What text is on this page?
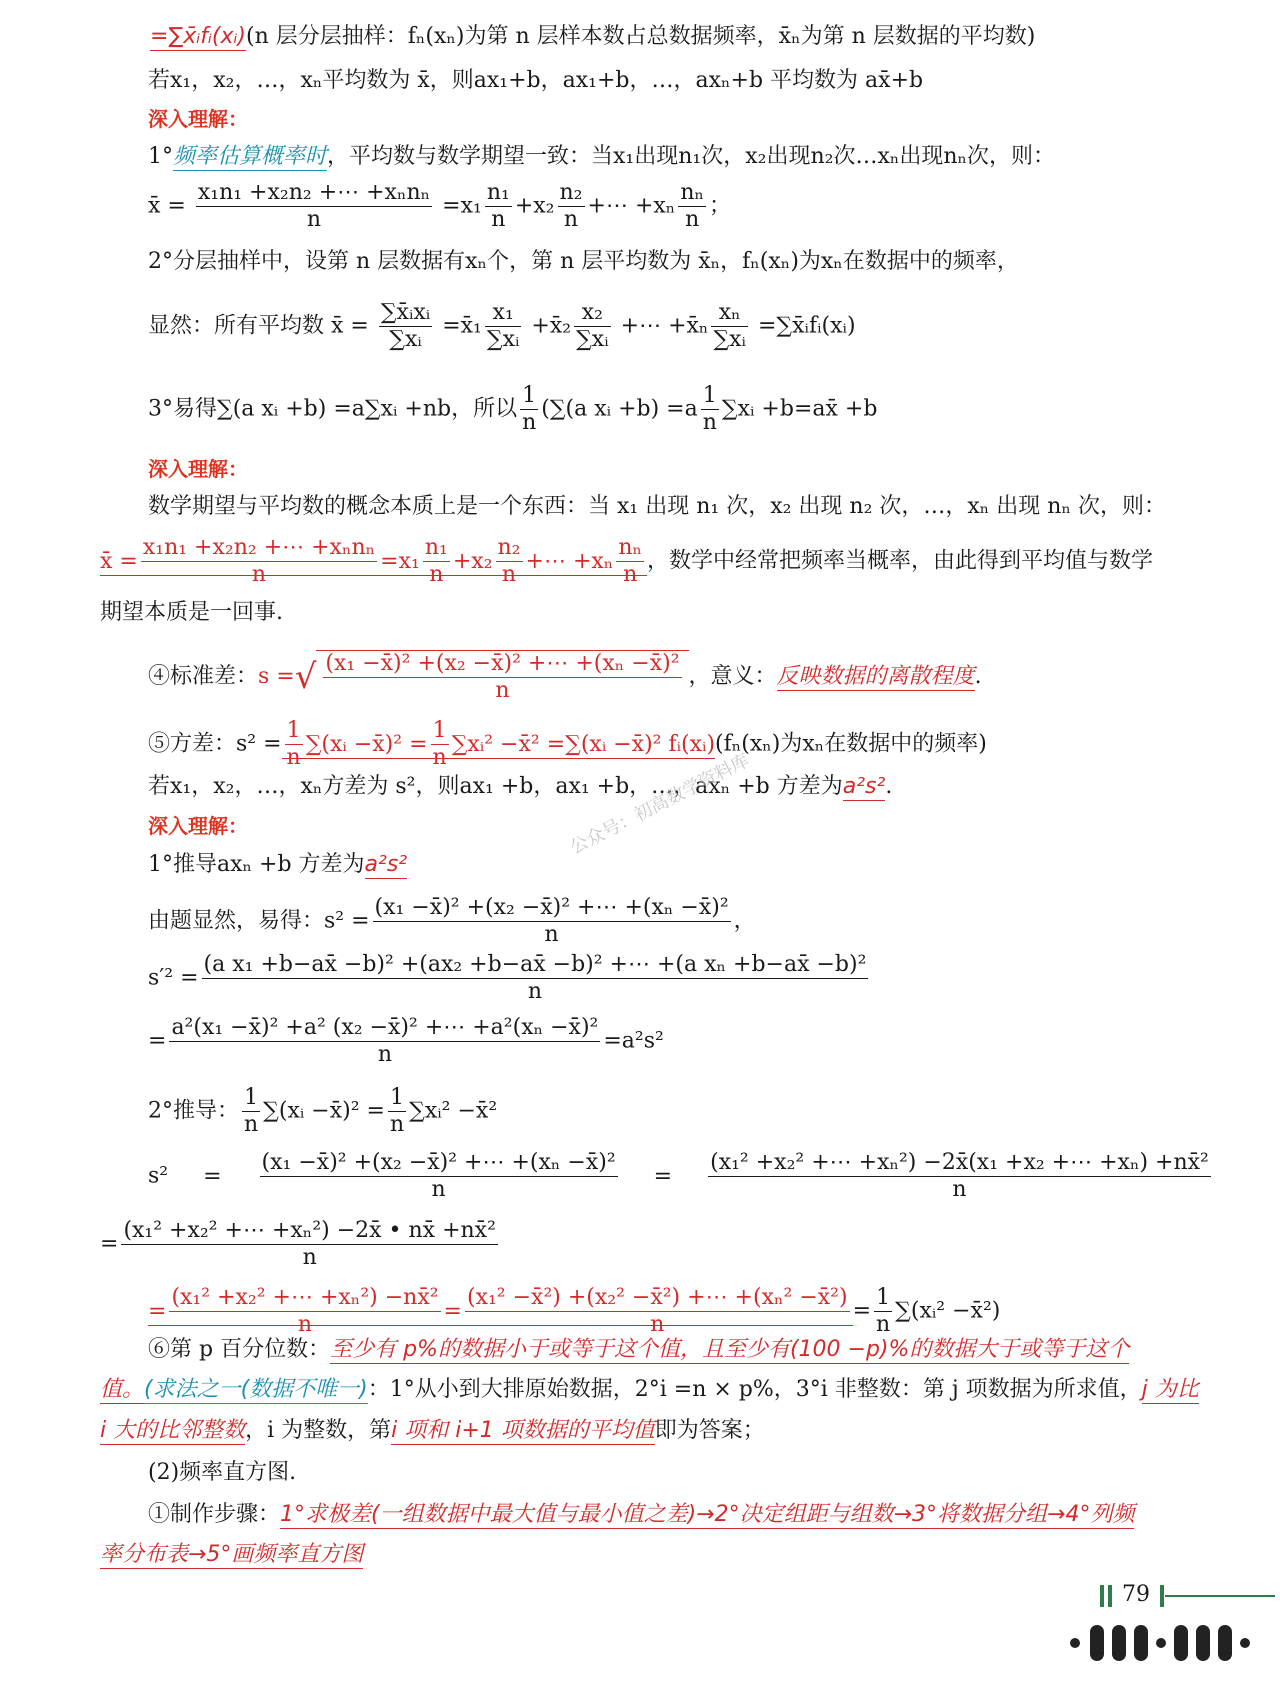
=∑x̄ᵢfᵢ(xᵢ)(n 层分层抽样：fₙ(xₙ)为第 n 层样本数占总数据频率，x̄ₙ为第 n 层数据的平均数)
若x₁，x₂，…，xₙ平均数为 x̄，则ax₁+b，ax₁+b，…，axₙ+b 平均数为 ax̄+b
深入理解：
1°频率估算概率时，平均数与数学期望一致：当x₁出现n₁次，x₂出现n₂次…xₙ出现nₙ次，则：
x̄ = $\frac{\text{x₁n₁ +x₂n₂ +⋯ +xₙnₙ}}{n} =x_1 \frac{\text{n₁}}{n} +x_2 \frac{\text{n₂}}{n}$ +⋯ $+x_n \frac{\text{nₙ}}{n}$ ；
2°分层抽样中，设第 n 层数据有xₙ个，第 n 层平均数为 x̄ₙ，fₙ(xₙ)为xₙ在数据中的频率，
显然：所有平均数 x̄ = $\frac{\text{∑x̄ᵢxᵢ}}{\text{∑xᵢ}}$ =x̄₁ $\frac{\text{x₁}}{\text{∑xᵢ}}$ +x̄₂ $\frac{\text{x₂}}{\text{∑xᵢ}}$ +⋯ +x̄ₙ $\frac{\text{xₙ}}{\text{∑xᵢ}}$ =∑x̄ᵢfᵢ(xᵢ)
3°易得∑(a xᵢ +b) =a∑xᵢ +nb，所以 $\frac{1}{n} (\sum(a$ xᵢ $+b) =a \frac{1}{n}$ ∑xᵢ +b=ax̄ +b
深入理解：
数学期望与平均数的概念本质上是一个东西：当 x₁ 出现 n₁ 次，x₂ 出现 n₂ 次，…，xₙ 出现 nₙ 次，则：
x̄ = $\frac{\text{x₁n₁ +x₂n₂ +⋯ +xₙnₙ}}{n} =x_1 \frac{\text{n₁}}{n} +x_2 \frac{\text{n₂}}{n}$ +⋯ $+x_n \frac{\text{nₙ}}{n}$ ，数学中经常把频率当概率，由此得到平均值与数学
期望本质是一回事.
④标准差：s =√ $\frac{\text{(x₁ −x̄)² +(x₂ −x̄)² +⋯ +(xₙ −x̄)²}}{n}$ ，意义：反映数据的离散程度.
⑤方差：$s^2 = \frac{1}{n}$ ∑(xᵢ −x̄)² = $\frac{1}{n}$ ∑xᵢ² −x̄² =∑(xᵢ −x̄)² fᵢ(xᵢ)(fₙ(xₙ)为xₙ在数据中的频率)
若x₁，x₂，…，xₙ方差为 s²，则ax₁ +b，ax₁ +b，…，axₙ +b 方差为a²s².
深入理解：	公众号：初高数学资料库
1°推导axₙ +b 方差为a²s²
由题显然，易得：$s^2 = \frac{\text{(x₁ −x̄)² +(x₂ −x̄)² +⋯ +(xₙ −x̄)²}}{n}$ ，
$s'^2 = \frac{\text{(a x₁ +b−ax̄ −b)² +(ax₂ +b−ax̄ −b)² +⋯ +(a xₙ +b−ax̄ −b)²}}{n}$
= $\frac{\text{a²(x₁ −x̄)² +a² (x₂ −x̄)² +⋯ +a²(xₙ −x̄)²}}{n} =a^2s^2$
2°推导： $\frac{1}{n}$ ∑(xᵢ −x̄)² = $\frac{1}{n}$ ∑xᵢ² −x̄²
$s^2 = \frac{\text{(x₁ −x̄)² +(x₂ −x̄)² +⋯ +(xₙ −x̄)²}}{n} = \frac{\text{(x₁² +x₂² +⋯ +xₙ²) −2x̄(x₁ +x₂ +⋯ +xₙ) +nx̄²}}{n}$
= $\frac{\text{(x₁² +x₂² +⋯ +xₙ²) −2x̄ • nx̄ +nx̄²}}{n}$
= $\frac{\text{(x₁² +x₂² +⋯ +xₙ²) −nx̄²}}{n} = \frac{\text{(x₁² −x̄²) +(x₂² −x̄²) +⋯ +(xₙ² −x̄²)}}{n} = \frac{1}{n}$ ∑(xᵢ² −x̄²)
⑥第 p 百分位数：至少有 p%的数据小于或等于这个值，且至少有(100 −p)%的数据大于或等于这个
值。(求法之一(数据不唯一)：1°从小到大排原始数据，2°i =n × p%，3°i 非整数：第 j 项数据为所求值，j 为比
i 大的比邻整数，i 为整数，第i 项和 i+1 项数据的平均值即为答案；
(2)频率直方图.
①制作步骤：1°求极差(一组数据中最大值与最小值之差)→2°决定组距与组数→3°将数据分组→4°列频
率分布表→5°画频率直方图
79
